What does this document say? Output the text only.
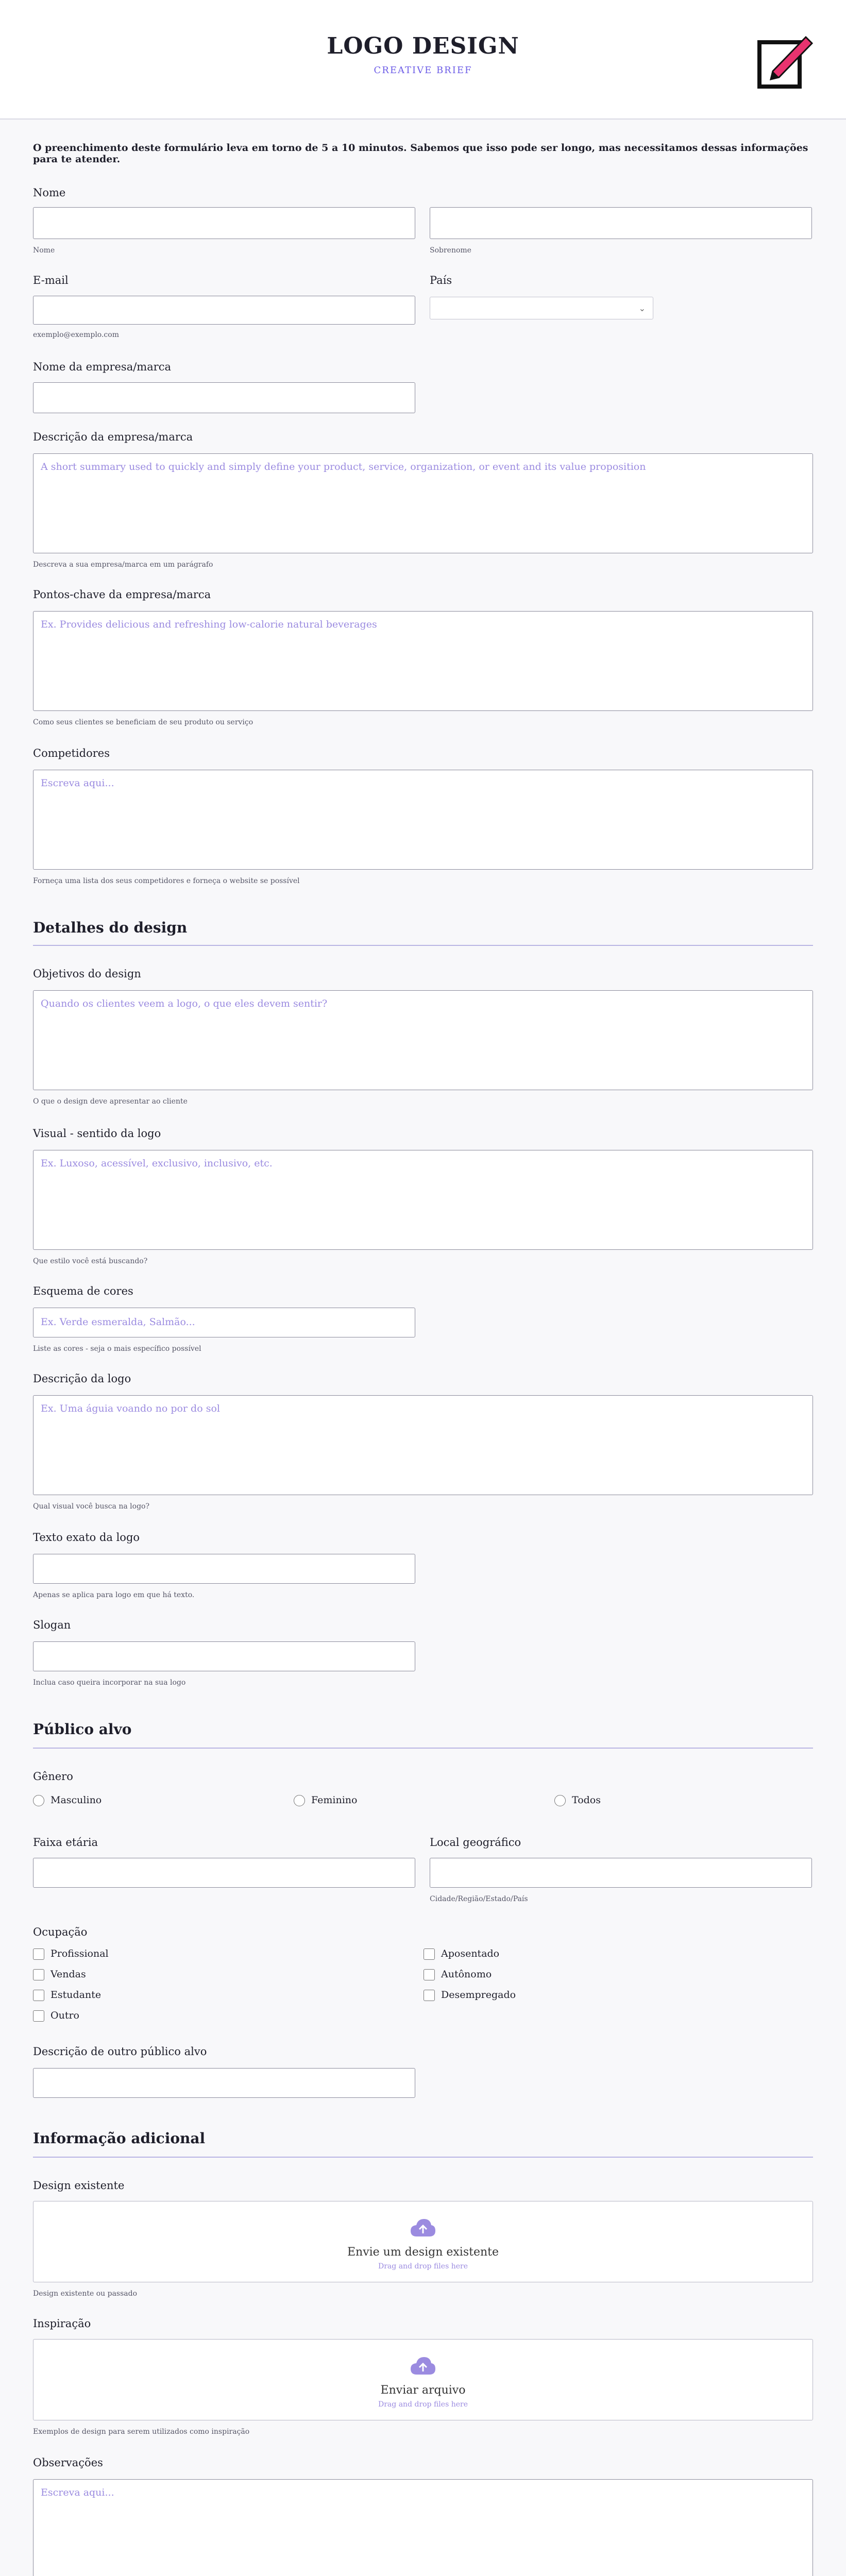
LOGO DESIGN
CREATIVE BRIEF
O preenchimento deste formulário leva em torno de 5 a 10 minutos. Sabemos que isso pode ser longo, mas necessitamos dessas informações para te atender.
Nome
Nome	Sobrenome
E-mail
exemplo@exemplo.com
País
⌄
Nome da empresa/marca
Descrição da empresa/marca
A short summary used to quickly and simply define your product, service, organization, or event and its value proposition
Descreva a sua empresa/marca em um parágrafo
Pontos-chave da empresa/marca
Ex. Provides delicious and refreshing low-calorie natural beverages
Como seus clientes se beneficiam de seu produto ou serviço
Competidores
Escreva aqui...
Forneça uma lista dos seus competidores e forneça o website se possível
Detalhes do design
Objetivos do design
Quando os clientes veem a logo, o que eles devem sentir?
O que o design deve apresentar ao cliente
Visual - sentido da logo
Ex. Luxoso, acessível, exclusivo, inclusivo, etc.
Que estilo você está buscando?
Esquema de cores
Ex. Verde esmeralda, Salmão...
Liste as cores - seja o mais específico possível
Descrição da logo
Ex. Uma águia voando no por do sol
Qual visual você busca na logo?
Texto exato da logo
Apenas se aplica para logo em que há texto.
Slogan
Inclua caso queira incorporar na sua logo
Público alvo
Gênero
Masculino	Feminino	Todos
Faixa etária	Local geográfico
Cidade/Região/Estado/País
Ocupação
Profissional
Vendas
Estudante
Outro
Aposentado
Autônomo
Desempregado
Descrição de outro público alvo
Informação adicional
Design existente
Envie um design existente
Drag and drop files here
Design existente ou passado
Inspiração
Enviar arquivo
Drag and drop files here
Exemplos de design para serem utilizados como inspiração
Observações
Escreva aqui...
